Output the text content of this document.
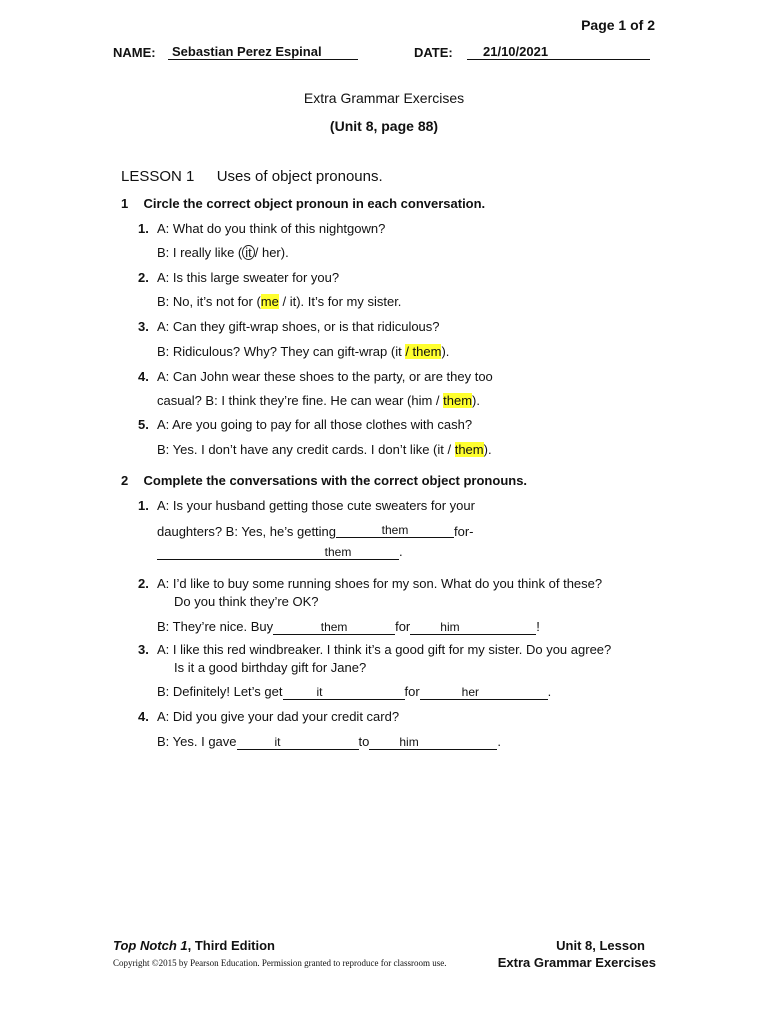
Page 1 of 2
NAME:	Sebastian Perez Espinal	DATE:	21/10/2021
Extra Grammar Exercises
(Unit 8, page 88)
LESSON 1 Uses of object pronouns.
1 Circle the correct object pronoun in each conversation.
1. A: What do you think of this nightgown?
B: I really like ( it / her).
2. A: Is this large sweater for you?
B: No, it’s not for (me / it). It’s for my sister.
3. A: Can they gift-wrap shoes, or is that ridiculous?
B: Ridiculous? Why? They can gift-wrap (it / them).
4. A: Can John wear these shoes to the party, or are they too
casual? B: I think they’re fine. He can wear (him / them).
5. A: Are you going to pay for all those clothes with cash?
B: Yes. I don’t have any credit cards. I don’t like (it / them).
2 Complete the conversations with the correct object pronouns.
1. A: Is your husband getting those cute sweaters for your
daughters? B: Yes, he’s getting	them	for-
them	.
2. A: I’d like to buy some running shoes for my son. What do you think of these?
Do you think they’re OK?
B: They’re nice. Buy	them	for	him	!
3. A: I like this red windbreaker. I think it’s a good gift for my sister. Do you agree?
Is it a good birthday gift for Jane?
B: Definitely! Let’s get	it	for	her	.
4. A: Did you give your dad your credit card?
B: Yes. I gave	it	to	him	.
Top Notch 1, Third Edition	Unit 8, Lesson
Copyright ©2015 by Pearson Education. Permission granted to reproduce for classroom use.	Extra Grammar Exercises
